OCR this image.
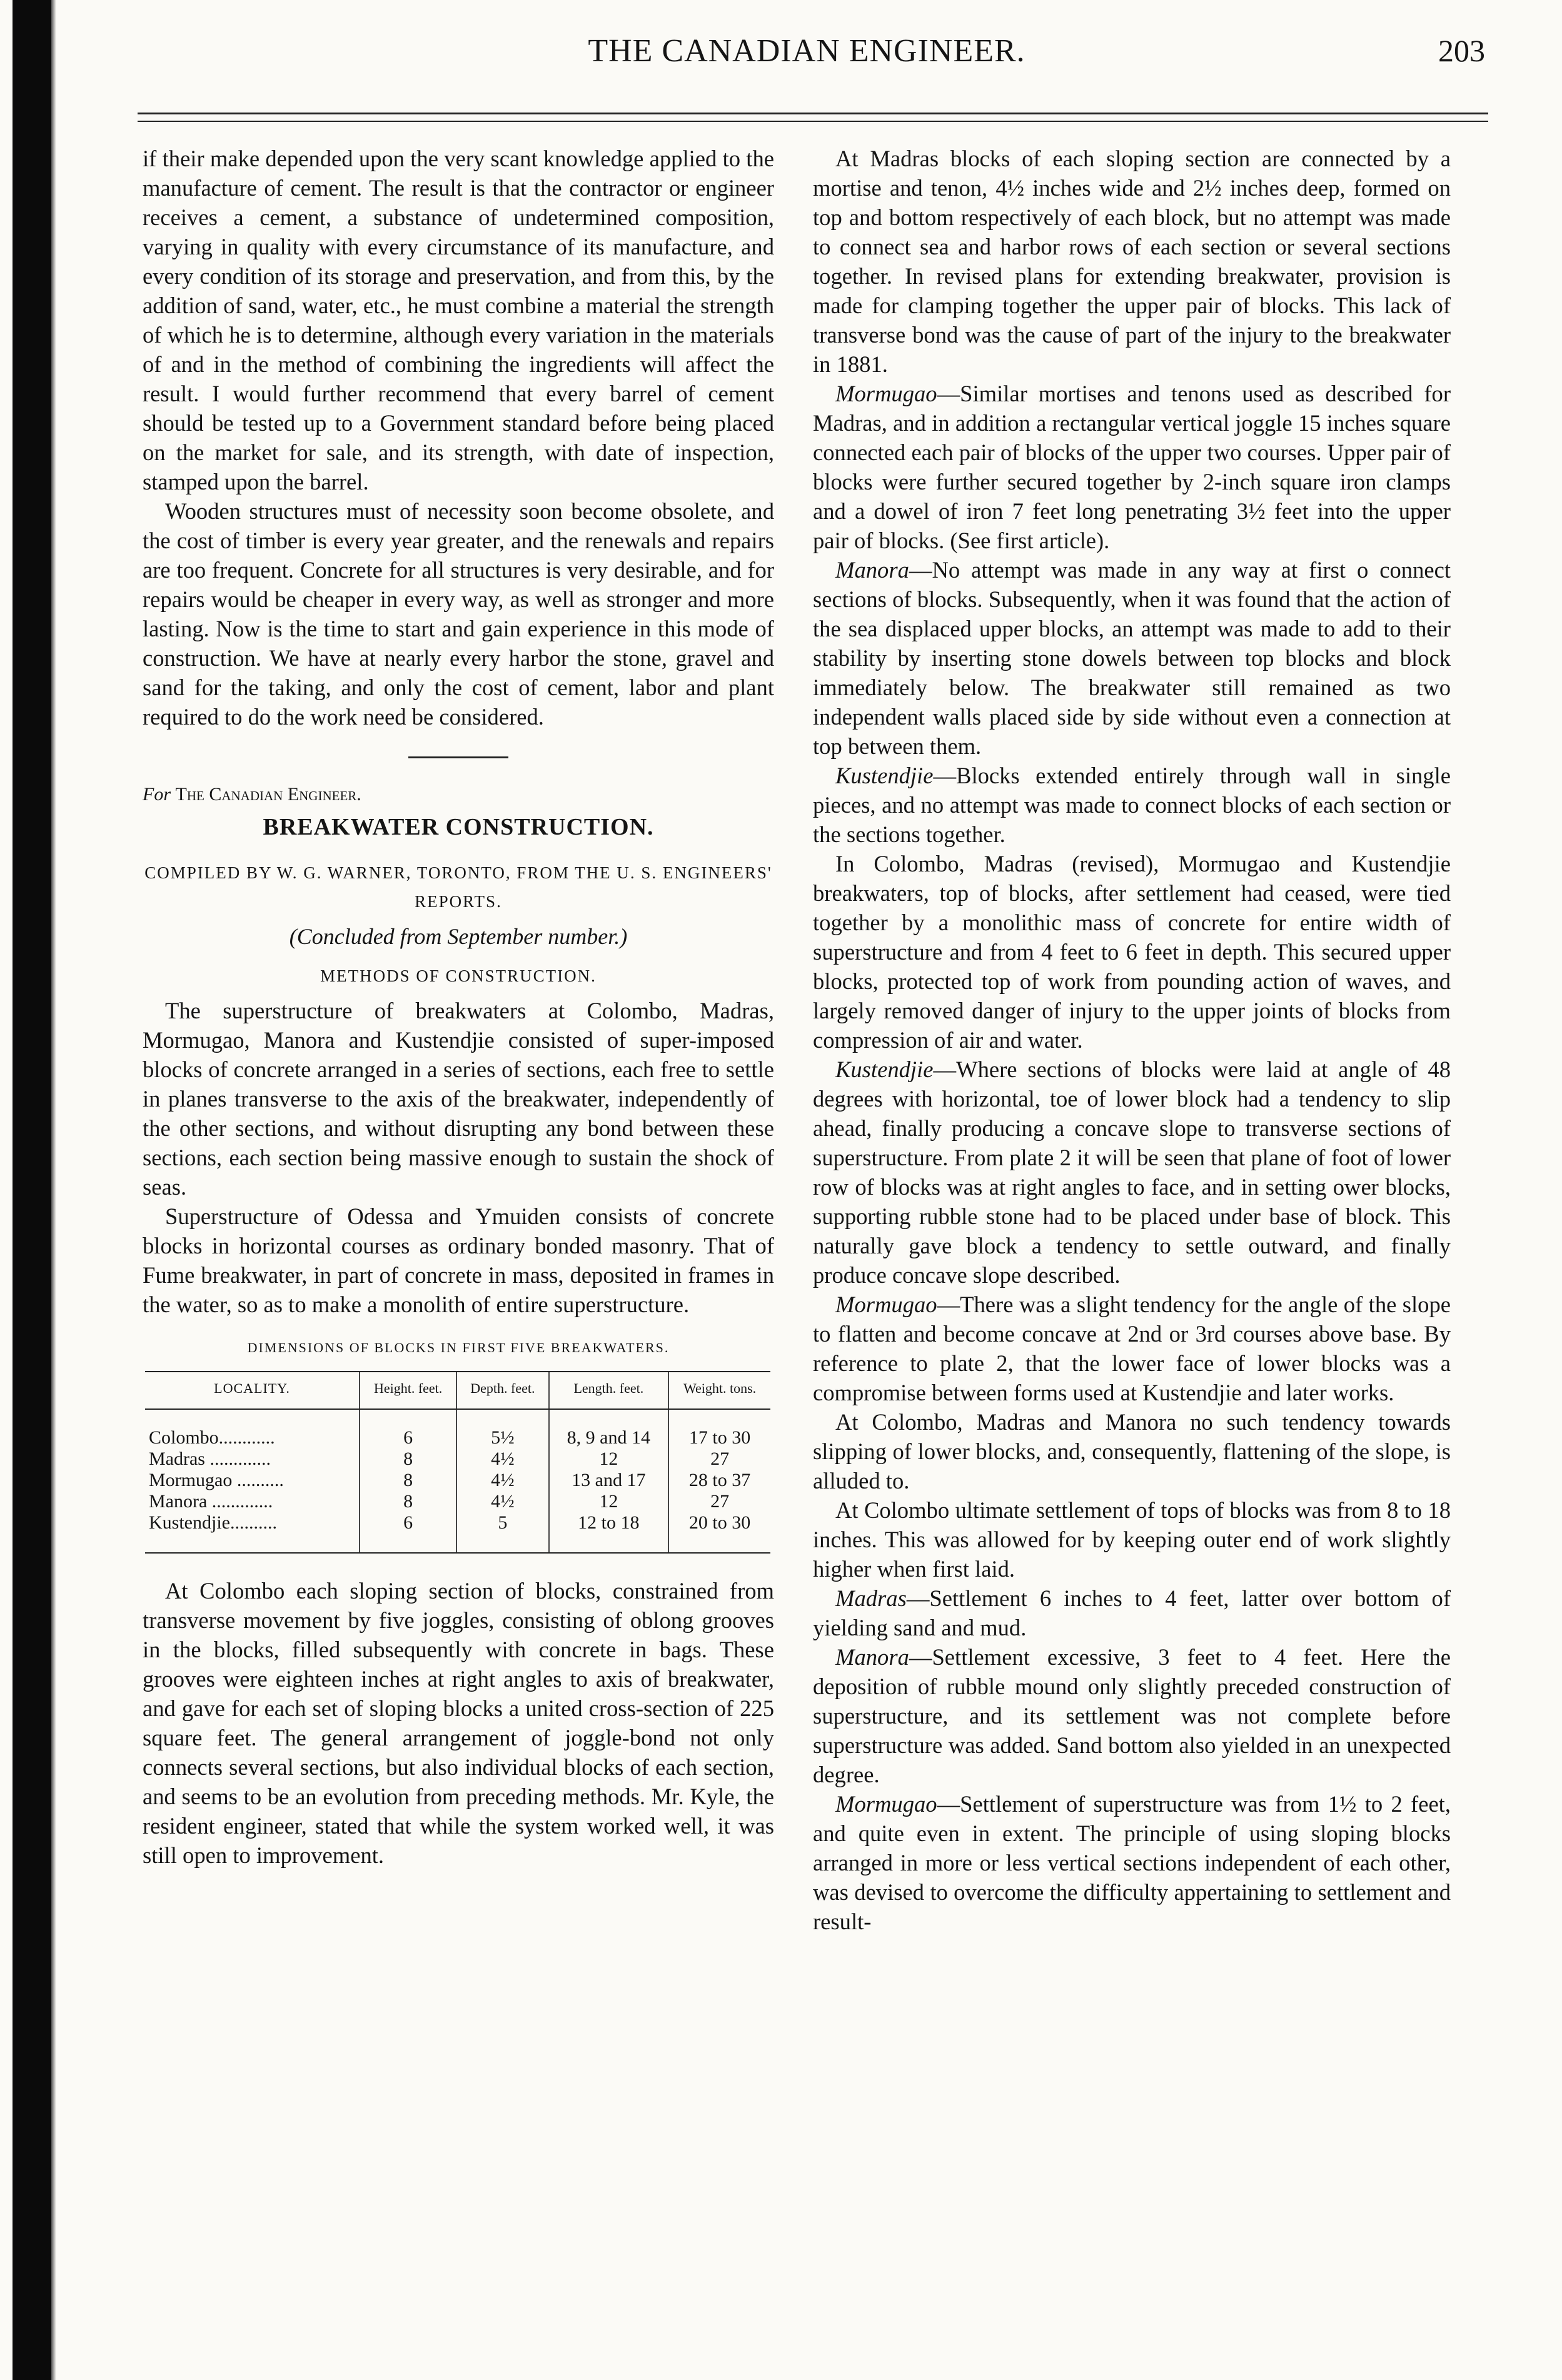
THE CANADIAN ENGINEER.	203

if their make depended upon the very scant knowledge applied to the manufacture of cement. The result is that the contractor or engineer receives a cement, a substance of undetermined composition, varying in quality with every circumstance of its manufacture, and every condition of its storage and preservation, and from this, by the addition of sand, water, etc., he must combine a material the strength of which he is to determine, although every variation in the materials of and in the method of combining the ingredients will affect the result. I would further recommend that every barrel of cement should be tested up to a Government standard before being placed on the market for sale, and its strength, with date of inspection, stamped upon the barrel.

Wooden structures must of necessity soon become obsolete, and the cost of timber is every year greater, and the renewals and repairs are too frequent. Concrete for all structures is very desirable, and for repairs would be cheaper in every way, as well as stronger and more lasting. Now is the time to start and gain experience in this mode of construction. We have at nearly every harbor the stone, gravel and sand for the taking, and only the cost of cement, labor and plant required to do the work need be considered.

For The Canadian Engineer.
BREAKWATER CONSTRUCTION.
COMPILED BY W. G. WARNER, TORONTO, FROM THE U. S. ENGINEERS' REPORTS.
(Concluded from September number.)
METHODS OF CONSTRUCTION.

The superstructure of breakwaters at Colombo, Madras, Mormugao, Manora and Kustendjie consisted of super-imposed blocks of concrete arranged in a series of sections, each free to settle in planes transverse to the axis of the breakwater, independently of the other sections, and without disrupting any bond between these sections, each section being massive enough to sustain the shock of seas.

Superstructure of Odessa and Ymuiden consists of concrete blocks in horizontal courses as ordinary bonded masonry. That of Fume breakwater, in part of concrete in mass, deposited in frames in the water, so as to make a monolith of entire superstructure.

DIMENSIONS OF BLOCKS IN FIRST FIVE BREAKWATERS.
LOCALITY.	Height. feet.	Depth. feet.	Length. feet.	Weight. tons.
Colombo............	6	5½	8, 9 and 14	17 to 30
Madras .............	8	4½	12	27
Mormugao ..........	8	4½	13 and 17	28 to 37
Manora .............	8	4½	12	27
Kustendjie..........	6	5	12 to 18	20 to 30

At Colombo each sloping section of blocks, constrained from transverse movement by five joggles, consisting of oblong grooves in the blocks, filled subsequently with concrete in bags. These grooves were eighteen inches at right angles to axis of breakwater, and gave for each set of sloping blocks a united cross-section of 225 square feet. The general arrangement of joggle-bond not only connects several sections, but also individual blocks of each section, and seems to be an evolution from preceding methods. Mr. Kyle, the resident engineer, stated that while the system worked well, it was still open to improvement.

At Madras blocks of each sloping section are connected by a mortise and tenon, 4½ inches wide and 2½ inches deep, formed on top and bottom respectively of each block, but no attempt was made to connect sea and harbor rows of each section or several sections together. In revised plans for extending breakwater, provision is made for clamping together the upper pair of blocks. This lack of transverse bond was the cause of part of the injury to the breakwater in 1881.

Mormugao—Similar mortises and tenons used as described for Madras, and in addition a rectangular vertical joggle 15 inches square connected each pair of blocks of the upper two courses. Upper pair of blocks were further secured together by 2-inch square iron clamps and a dowel of iron 7 feet long penetrating 3½ feet into the upper pair of blocks. (See first article).

Manora—No attempt was made in any way at first o connect sections of blocks. Subsequently, when it was found that the action of the sea displaced upper blocks, an attempt was made to add to their stability by inserting stone dowels between top blocks and block immediately below. The breakwater still remained as two independent walls placed side by side without even a connection at top between them.

Kustendjie—Blocks extended entirely through wall in single pieces, and no attempt was made to connect blocks of each section or the sections together.

In Colombo, Madras (revised), Mormugao and Kustendjie breakwaters, top of blocks, after settlement had ceased, were tied together by a monolithic mass of concrete for entire width of superstructure and from 4 feet to 6 feet in depth. This secured upper blocks, protected top of work from pounding action of waves, and largely removed danger of injury to the upper joints of blocks from compression of air and water.

Kustendjie—Where sections of blocks were laid at angle of 48 degrees with horizontal, toe of lower block had a tendency to slip ahead, finally producing a concave slope to transverse sections of superstructure. From plate 2 it will be seen that plane of foot of lower row of blocks was at right angles to face, and in setting ower blocks, supporting rubble stone had to be placed under base of block. This naturally gave block a tendency to settle outward, and finally produce concave slope described.

Mormugao—There was a slight tendency for the angle of the slope to flatten and become concave at 2nd or 3rd courses above base. By reference to plate 2, that the lower face of lower blocks was a compromise between forms used at Kustendjie and later works.

At Colombo, Madras and Manora no such tendency towards slipping of lower blocks, and, consequently, flattening of the slope, is alluded to.

At Colombo ultimate settlement of tops of blocks was from 8 to 18 inches. This was allowed for by keeping outer end of work slightly higher when first laid.

Madras—Settlement 6 inches to 4 feet, latter over bottom of yielding sand and mud.

Manora—Settlement excessive, 3 feet to 4 feet. Here the deposition of rubble mound only slightly preceded construction of superstructure, and its settlement was not complete before superstructure was added. Sand bottom also yielded in an unexpected degree.

Mormugao—Settlement of superstructure was from 1½ to 2 feet, and quite even in extent. The principle of using sloping blocks arranged in more or less vertical sections independent of each other, was devised to overcome the difficulty appertaining to settlement and result-
